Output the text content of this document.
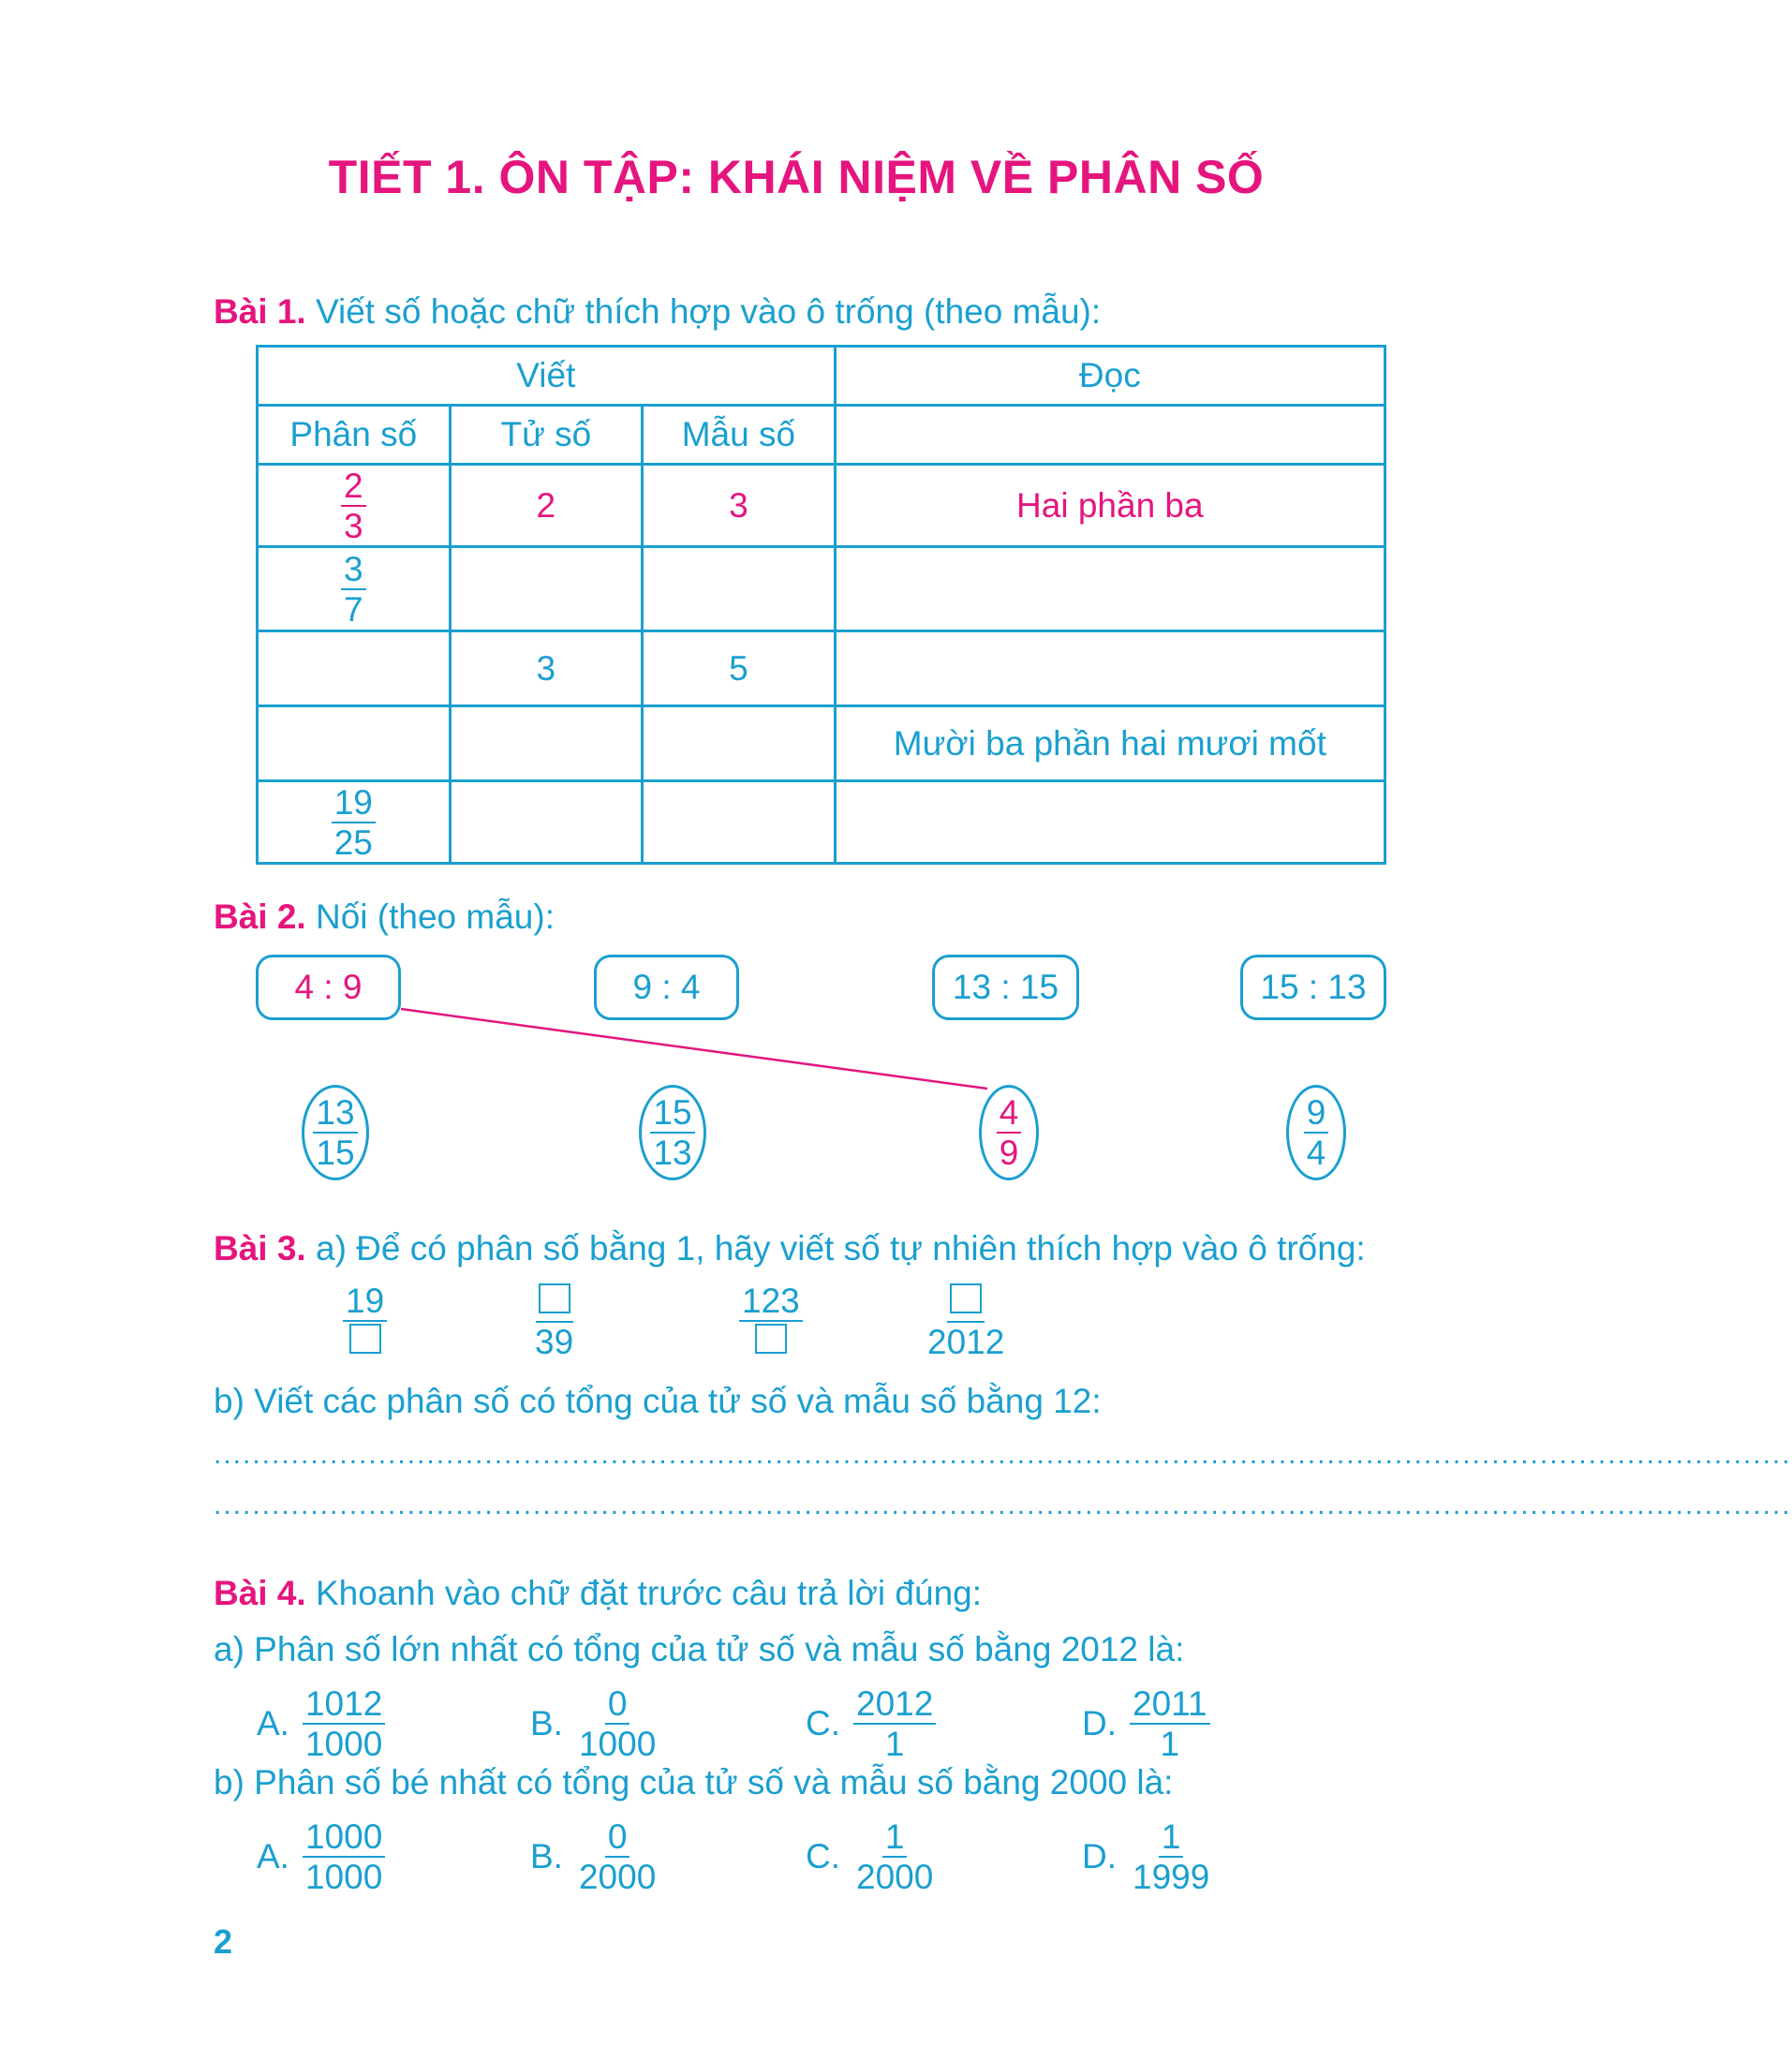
TIẾT 1. ÔN TẬP: KHÁI NIỆM VỀ PHÂN SỐ
Bài 1. Viết số hoặc chữ thích hợp vào ô trống (theo mẫu):
Viết			Đọc
Phân số	Tử số	Mẫu số	

$\frac{2}{3}$	2	3	Hai phần ba

$\frac{3}{7}$

	3	5	
			Mười ba phần hai mươi mốt

$\frac{19}{25}$

Bài 2. Nối (theo mẫu):
4 : 9	9 : 4	13 : 15	15 : 13
$\frac{13}{15}$	$\frac{15}{13}$	$\frac{4}{9}$	$\frac{9}{4}$
Bài 3. a) Để có phân số bằng 1, hãy viết số tự nhiên thích hợp vào ô trống:
19
39
123
2012
b) Viết các phân số có tổng của tử số và mẫu số bằng 12:
...................................................................................................................................................................
...................................................................................................................................................................
Bài 4. Khoanh vào chữ đặt trước câu trả lời đúng:
a) Phân số lớn nhất có tổng của tử số và mẫu số bằng 2012 là:
A. $\frac{1012}{1000}$	B. $\frac{0}{1000}$	C. $\frac{2012}{1}$	D. $\frac{2011}{1}$
b) Phân số bé nhất có tổng của tử số và mẫu số bằng 2000 là:
A. $\frac{1000}{1000}$	B. $\frac{0}{2000}$	C. $\frac{1}{2000}$	D. $\frac{1}{1999}$
2
